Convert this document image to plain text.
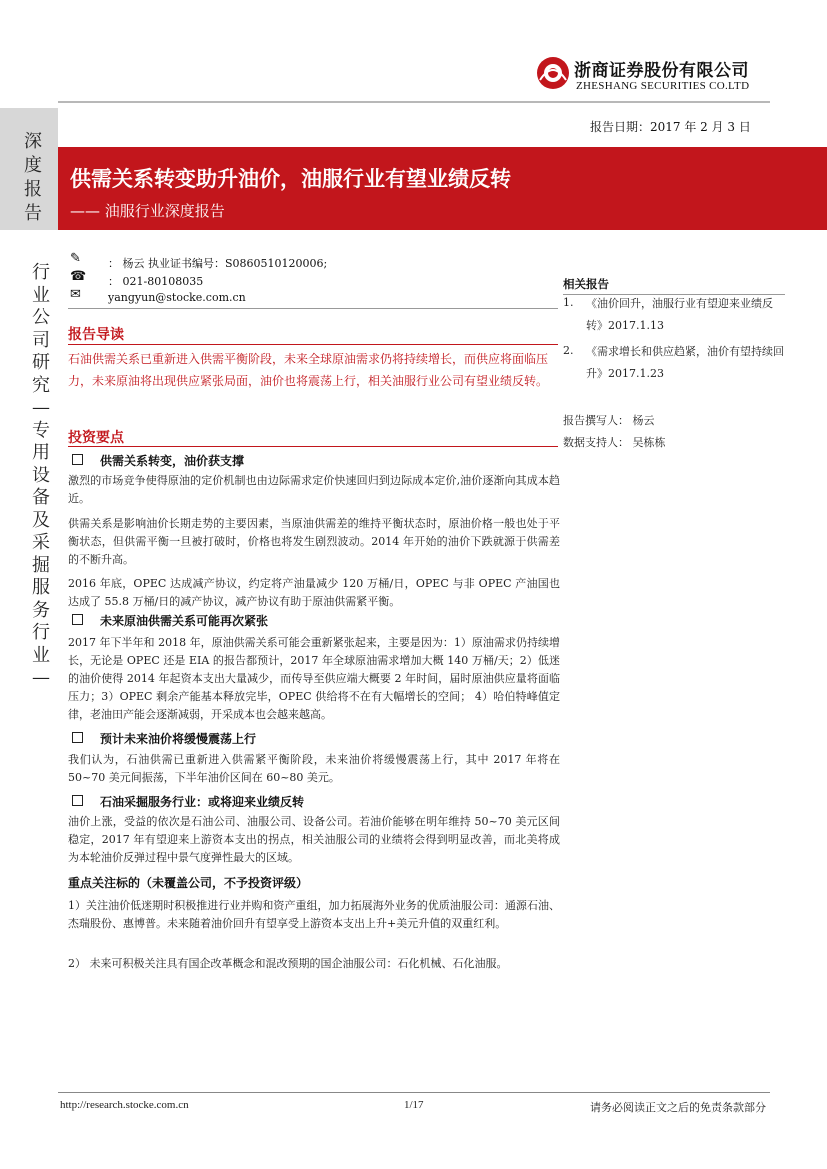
浙商证券股份有限公司
ZHESHANG SECURITIES CO.LTD
报告日期：2017 年 2 月 3 日
深度报告
供需关系转变助升油价，油服行业有望业绩反转
—— 油服行业深度报告
行业公司研究—专用设备及采掘服务行业—
✎
☎
✉
： 杨云 执业证书编号：S0860510120006;
： 021-80108035
yangyun@stocke.com.cn
相关报告
1. 《油价回升，油服行业有望迎来业绩反转》2017.1.13
2. 《需求增长和供应趋紧，油价有望持续回升》2017.1.23
报告撰写人： 杨云
数据支持人： 吴栋栋
报告导读
石油供需关系已重新进入供需平衡阶段，未来全球原油需求仍将持续增长，而供应将面临压力，未来原油将出现供应紧张局面，油价也将震荡上行，相关油服行业公司有望业绩反转。
投资要点
供需关系转变，油价获支撑
激烈的市场竞争使得原油的定价机制也由边际需求定价快速回归到边际成本定价,油价逐渐向其成本趋近。
供需关系是影响油价长期走势的主要因素，当原油供需差的维持平衡状态时，原油价格一般也处于平衡状态，但供需平衡一旦被打破时，价格也将发生剧烈波动。2014 年开始的油价下跌就源于供需差的不断升高。
2016 年底，OPEC 达成减产协议，约定将产油量减少 120 万桶/日，OPEC 与非 OPEC 产油国也达成了 55.8 万桶/日的减产协议，减产协议有助于原油供需紧平衡。
未来原油供需关系可能再次紧张
2017 年下半年和 2018 年，原油供需关系可能会重新紧张起来，主要是因为：1）原油需求仍持续增长，无论是 OPEC 还是 EIA 的报告都预计，2017 年全球原油需求增加大概 140 万桶/天；2）低迷的油价使得 2014 年起资本支出大量减少，而传导至供应端大概要 2 年时间，届时原油供应量将面临压力；3）OPEC 剩余产能基本释放完毕，OPEC 供给将不在有大幅增长的空间； 4）哈伯特峰值定律，老油田产能会逐渐减弱，开采成本也会越来越高。
预计未来油价将缓慢震荡上行
我们认为，石油供需已重新进入供需紧平衡阶段，未来油价将缓慢震荡上行，其中 2017 年将在 50~70 美元间振荡，下半年油价区间在 60~80 美元。
石油采掘服务行业：或将迎来业绩反转
油价上涨，受益的依次是石油公司、油服公司、设备公司。若油价能够在明年维持 50~70 美元区间稳定，2017 年有望迎来上游资本支出的拐点，相关油服公司的业绩将会得到明显改善，而北美将成为本轮油价反弹过程中景气度弹性最大的区域。
重点关注标的（未覆盖公司，不予投资评级）
1）关注油价低迷期时积极推进行业并购和资产重组，加力拓展海外业务的优质油服公司：通源石油、杰瑞股份、惠博普。未来随着油价回升有望享受上游资本支出上升+美元升值的双重红利。
2） 未来可积极关注具有国企改革概念和混改预期的国企油服公司：石化机械、石化油服。
http://research.stocke.com.cn	1/17	请务必阅读正文之后的免责条款部分
